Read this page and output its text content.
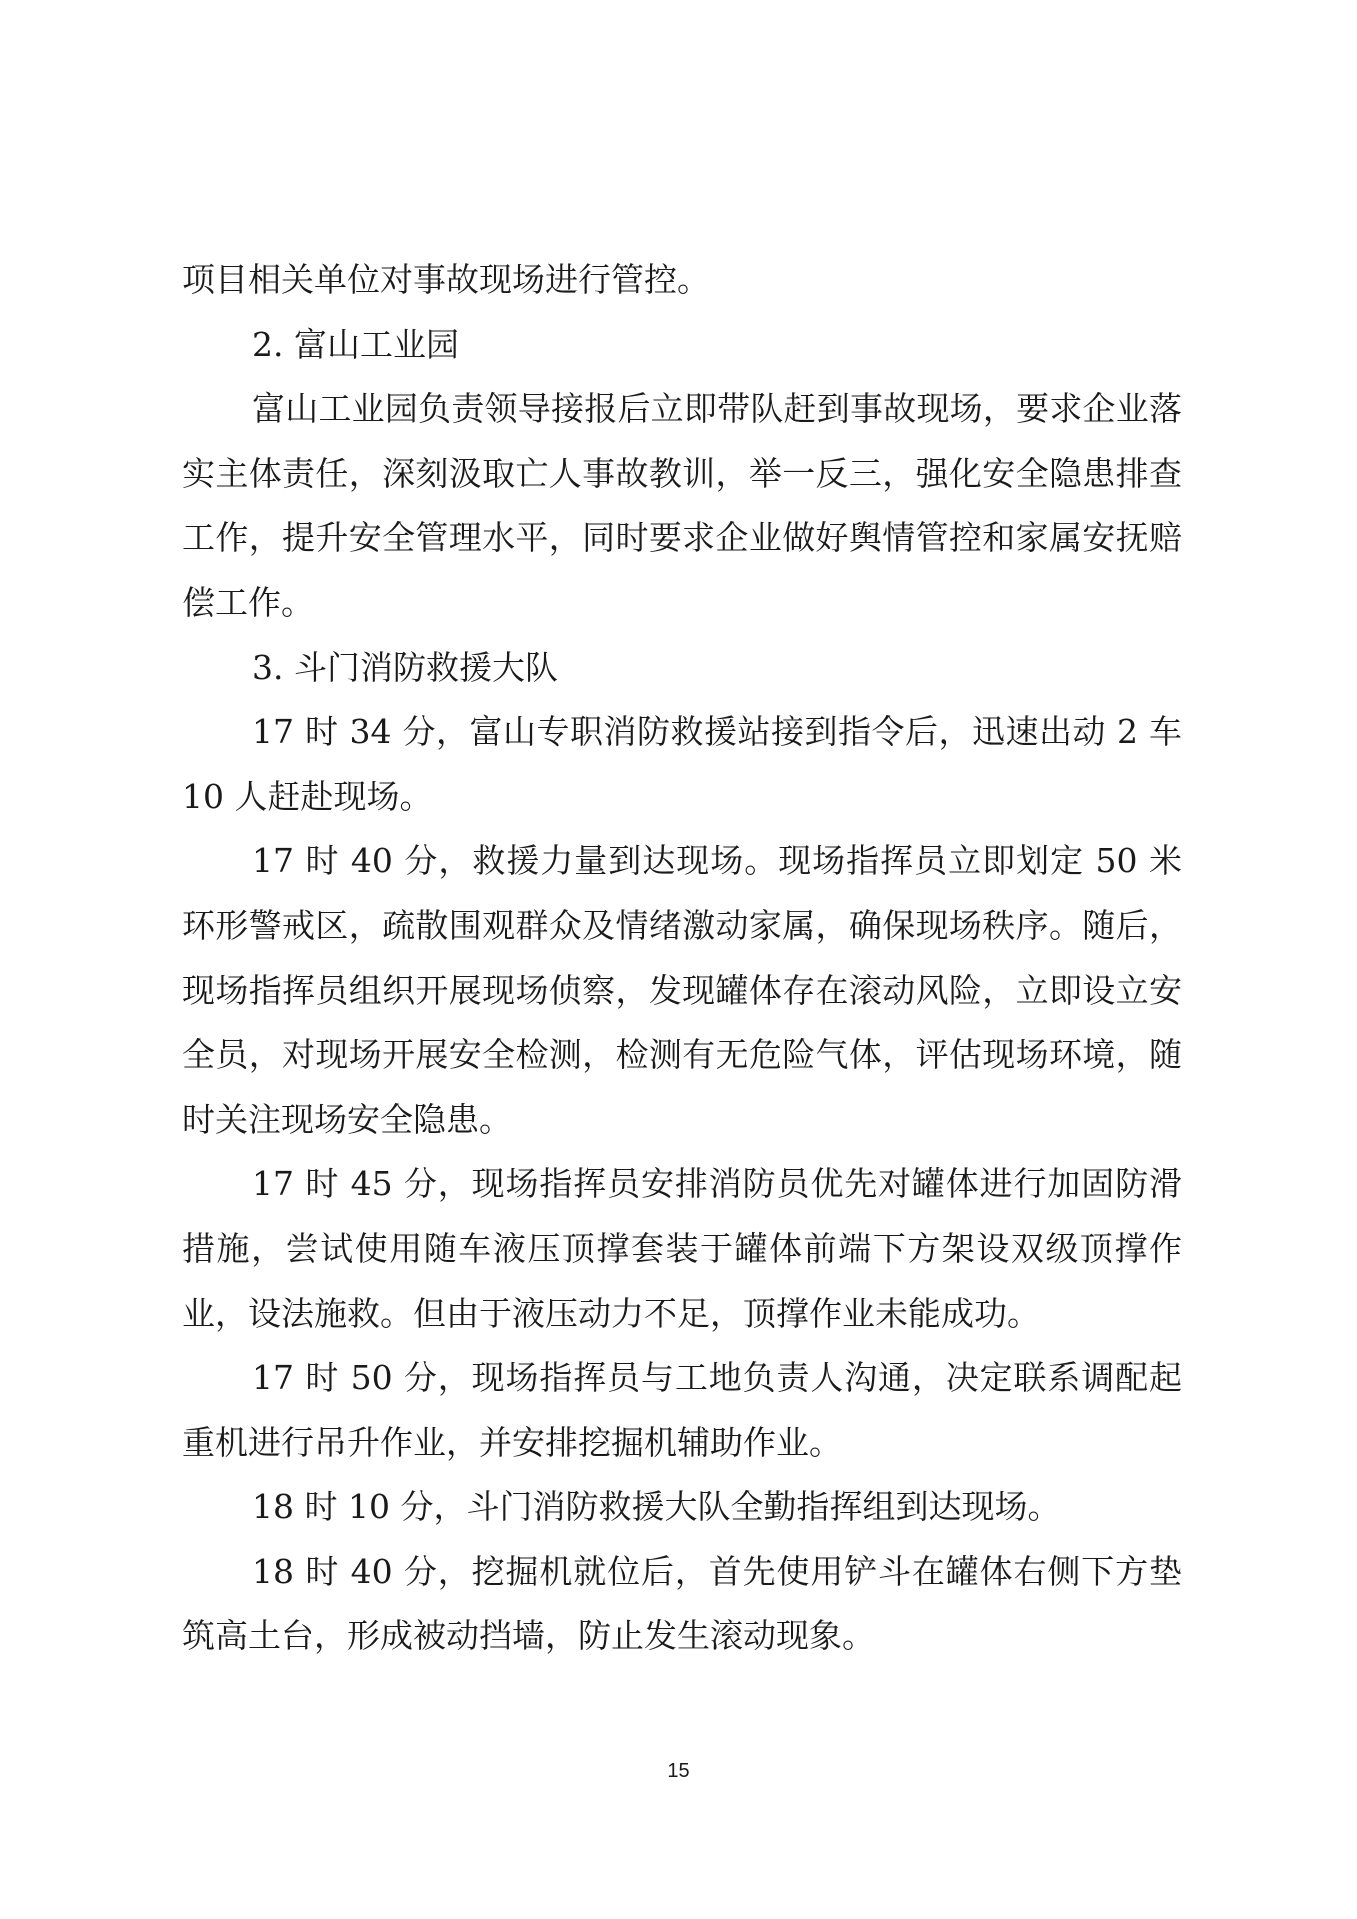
项目相关单位对事故现场进行管控。

2. 富山工业园

富山工业园负责领导接报后立即带队赶到事故现场，要求企业落实主体责任，深刻汲取亡人事故教训，举一反三，强化安全隐患排查工作，提升安全管理水平，同时要求企业做好舆情管控和家属安抚赔偿工作。

3. 斗门消防救援大队

17 时 34 分，富山专职消防救援站接到指令后，迅速出动 2 车 10 人赶赴现场。

17 时 40 分，救援力量到达现场。现场指挥员立即划定 50 米环形警戒区，疏散围观群众及情绪激动家属，确保现场秩序。随后，现场指挥员组织开展现场侦察，发现罐体存在滚动风险，立即设立安全员，对现场开展安全检测，检测有无危险气体，评估现场环境，随时关注现场安全隐患。

17 时 45 分，现场指挥员安排消防员优先对罐体进行加固防滑措施，尝试使用随车液压顶撑套装于罐体前端下方架设双级顶撑作业，设法施救。但由于液压动力不足，顶撑作业未能成功。

17 时 50 分，现场指挥员与工地负责人沟通，决定联系调配起重机进行吊升作业，并安排挖掘机辅助作业。

18 时 10 分，斗门消防救援大队全勤指挥组到达现场。

18 时 40 分，挖掘机就位后，首先使用铲斗在罐体右侧下方垫筑高土台，形成被动挡墙，防止发生滚动现象。

15
